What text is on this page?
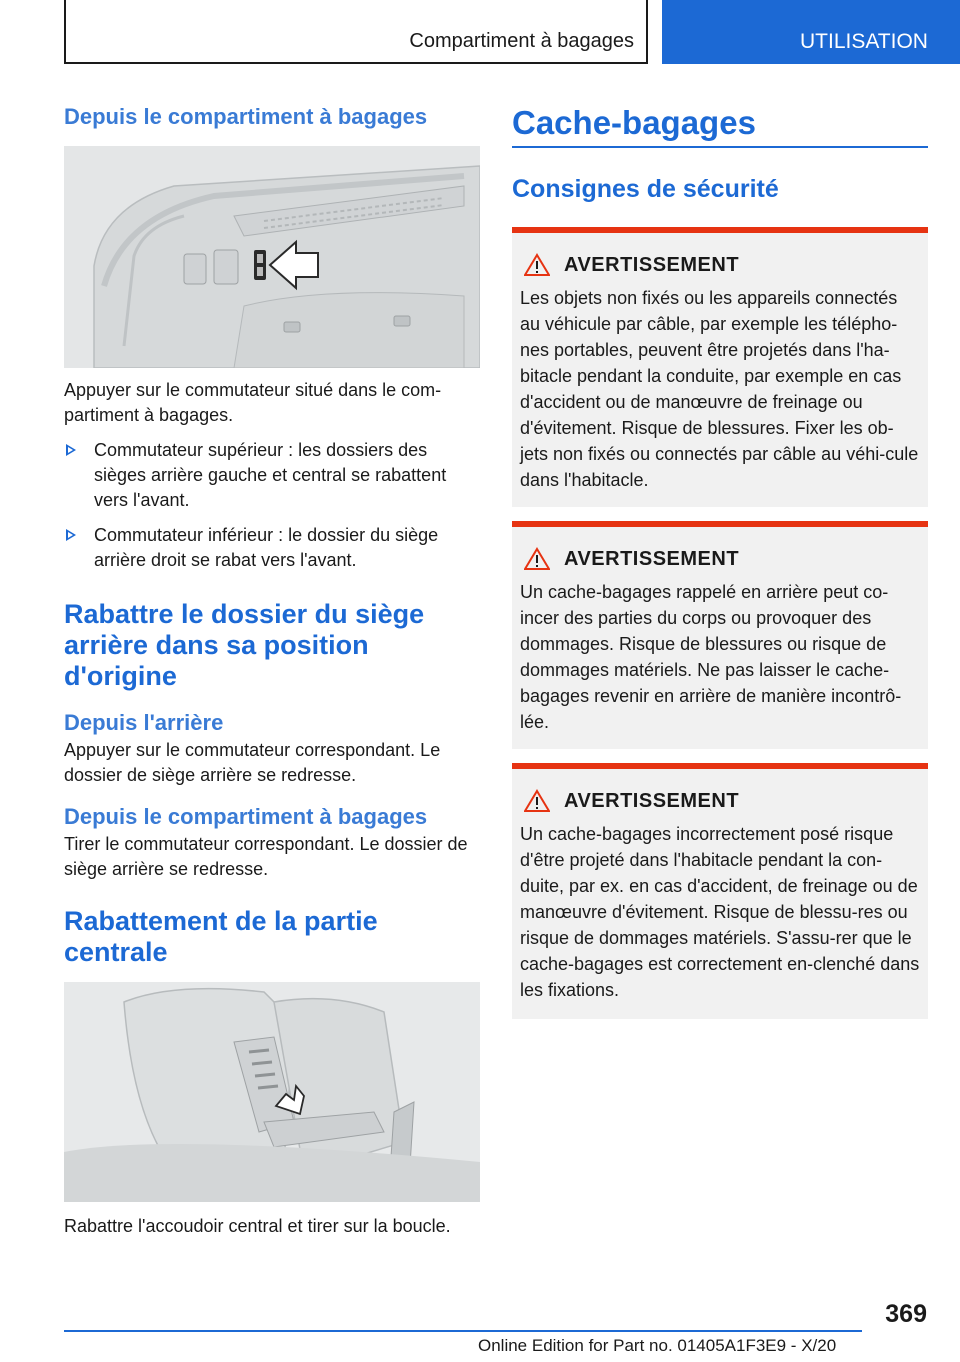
Compartiment à bagages	UTILISATION
Depuis le compartiment à bagages

Appuyer sur le commutateur situé dans le com-partiment à bagages.

Commutateur supérieur : les dossiers des sièges arrière gauche et central se rabattent vers l'avant.
Commutateur inférieur : le dossier du siège arrière droit se rabat vers l'avant.
Rabattre le dossier du siège arrière dans sa position d'origine
Depuis l'arrière

Appuyer sur le commutateur correspondant. Le dossier de siège arrière se redresse.

Depuis le compartiment à bagages

Tirer le commutateur correspondant. Le dossier de siège arrière se redresse.

Rabattement de la partie centrale

Rabattre l'accoudoir central et tirer sur la boucle.

Cache-bagages
Consignes de sécurité
AVERTISSEMENT

Les objets non fixés ou les appareils connectés au véhicule par câble, par exemple les télépho-nes portables, peuvent être projetés dans l'ha-bitacle pendant la conduite, par exemple en cas d'accident ou de manœuvre de freinage ou d'évitement. Risque de blessures. Fixer les ob-jets non fixés ou connectés par câble au véhi-cule dans l'habitacle.

AVERTISSEMENT

Un cache-bagages rappelé en arrière peut co-incer des parties du corps ou provoquer des dommages. Risque de blessures ou risque de dommages matériels. Ne pas laisser le cache-bagages revenir en arrière de manière incontrô-lée.

AVERTISSEMENT

Un cache-bagages incorrectement posé risque d'être projeté dans l'habitacle pendant la con-duite, par ex. en cas d'accident, de freinage ou de manœuvre d'évitement. Risque de blessu-res ou risque de dommages matériels. S'assu-rer que le cache-bagages est correctement en-clenché dans les fixations.

369
Online Edition for Part no. 01405A1F3E9 - X/20
